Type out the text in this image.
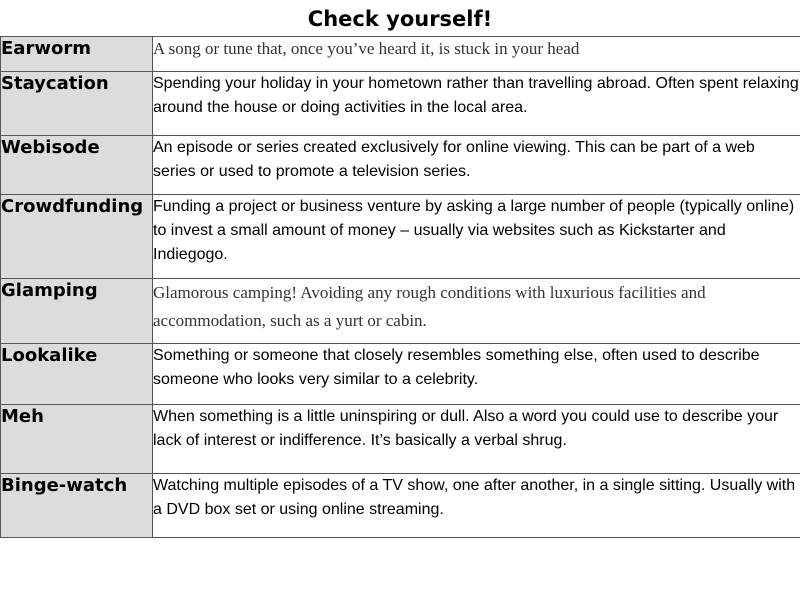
Check yourself!
Earworm	A song or tune that, once you’ve heard it, is stuck in your head
Staycation	Spending your holiday in your hometown rather than travelling abroad. Often spent relaxing around the house or doing activities in the local area.
Webisode	An episode or series created exclusively for online viewing. This can be part of a web series or used to promote a television series.
Crowdfunding	Funding a project or business venture by asking a large number of people (typically online) to invest a small amount of money – usually via websites such as Kickstarter and Indiegogo.
Glamping	Glamorous camping! Avoiding any rough conditions with luxurious facilities and accommodation, such as a yurt or cabin.
Lookalike	Something or someone that closely resembles something else, often used to describe someone who looks very similar to a celebrity.
Meh	When something is a little uninspiring or dull. Also a word you could use to describe your lack of interest or indifference. It’s basically a verbal shrug.
Binge-watch	Watching multiple episodes of a TV show, one after another, in a single sitting. Usually with a DVD box set or using online streaming.
